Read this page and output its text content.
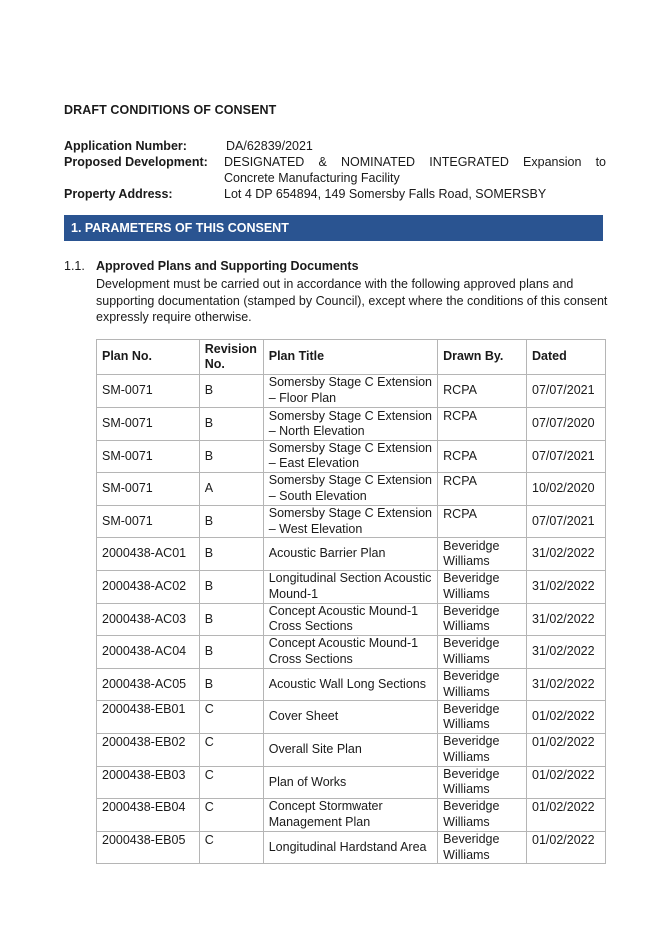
DRAFT CONDITIONS OF CONSENT
Application Number:	DA/62839/2021
Proposed Development: DESIGNATED & NOMINATED INTEGRATED Expansion to Concrete Manufacturing Facility
Property Address:	Lot 4 DP 654894, 149 Somersby Falls Road, SOMERSBY
1. PARAMETERS OF THIS CONSENT
1.1. Approved Plans and Supporting Documents
Development must be carried out in accordance with the following approved plans and supporting documentation (stamped by Council), except where the conditions of this consent expressly require otherwise.
Plan No.	Revision No.	Plan Title	Drawn By.	Dated
SM-0071	B	Somersby Stage C Extension – Floor Plan	RCPA	07/07/2021
SM-0071	B	Somersby Stage C Extension – North Elevation	RCPA	07/07/2020
SM-0071	B	Somersby Stage C Extension – East Elevation	RCPA	07/07/2021
SM-0071	A	Somersby Stage C Extension – South Elevation	RCPA	10/02/2020
SM-0071	B	Somersby Stage C Extension – West Elevation	RCPA	07/07/2021
2000438-AC01	B	Acoustic Barrier Plan	Beveridge Williams	31/02/2022
2000438-AC02	B	Longitudinal Section Acoustic Mound-1	Beveridge Williams	31/02/2022
2000438-AC03	B	Concept Acoustic Mound-1 Cross Sections	Beveridge Williams	31/02/2022
2000438-AC04	B	Concept Acoustic Mound-1 Cross Sections	Beveridge Williams	31/02/2022
2000438-AC05	B	Acoustic Wall Long Sections	Beveridge Williams	31/02/2022
2000438-EB01	C	Cover Sheet	Beveridge Williams	01/02/2022
2000438-EB02	C	Overall Site Plan	Beveridge Williams	01/02/2022
2000438-EB03	C	Plan of Works	Beveridge Williams	01/02/2022
2000438-EB04	C	Concept Stormwater Management Plan	Beveridge Williams	01/02/2022
2000438-EB05	C	Longitudinal Hardstand Area	Beveridge Williams	01/02/2022
